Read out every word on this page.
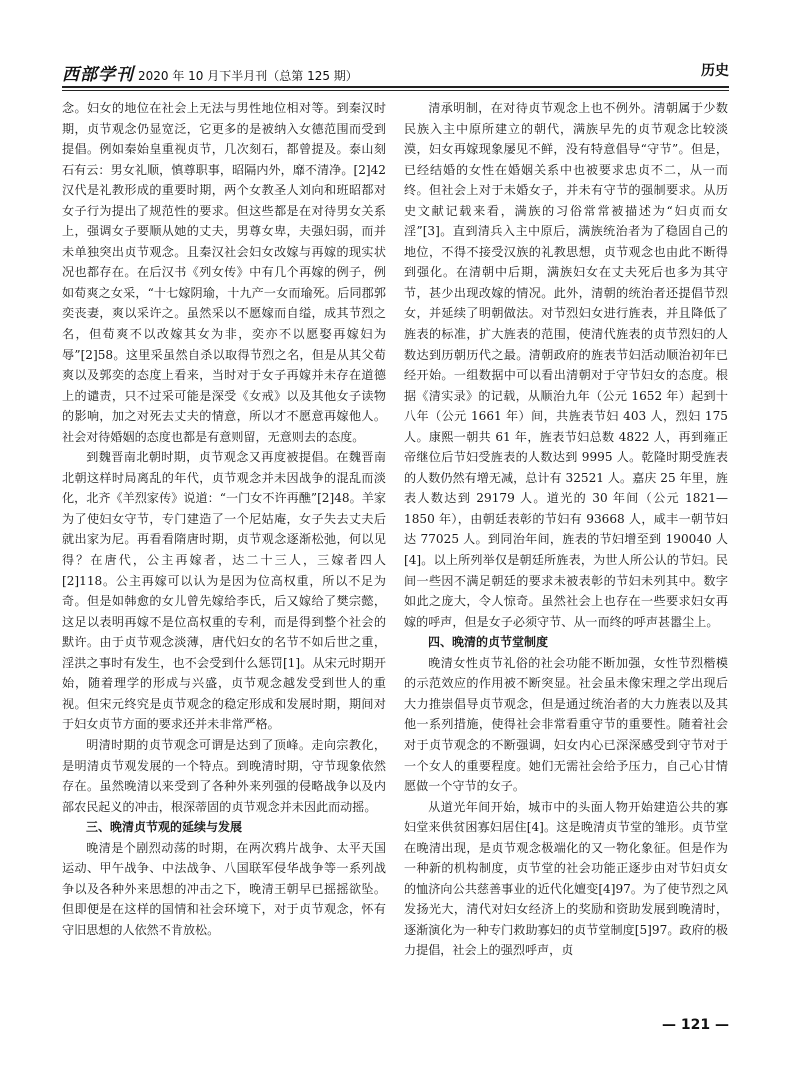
西部学刊 2020 年 10 月下半月刊（总第 125 期）	历史

念。妇女的地位在社会上无法与男性地位相对等。到秦汉时期，贞节观念仍显宽泛，它更多的是被纳入女德范围而受到提倡。例如秦始皇重视贞节，几次刻石，都曾提及。泰山刻石有云：男女礼顺，慎尊职事，昭隔内外，靡不清净。[2]42 汉代是礼教形成的重要时期，两个女教圣人刘向和班昭都对女子行为提出了规范性的要求。但这些都是在对待男女关系上，强调女子要顺从她的丈夫，男尊女卑，夫强妇弱，而并未单独突出贞节观念。且秦汉社会妇女改嫁与再嫁的现实状况也都存在。在后汉书《列女传》中有几个再嫁的例子，例如荀爽之女采，“十七嫁阴瑜，十九产一女而瑜死。后同郡郭奕丧妻，爽以采许之。虽然采以不愿嫁而自缢，成其节烈之名，但荀爽不以改嫁其女为非，奕亦不以愿娶再嫁妇为辱”[2]58。这里采虽然自杀以取得节烈之名，但是从其父荀爽以及郭奕的态度上看来，当时对于女子再嫁并未存在道德上的谴责，只不过采可能是深受《女戒》以及其他女子读物的影响，加之对死去丈夫的情意，所以才不愿意再嫁他人。社会对待婚姻的态度也都是有意则留，无意则去的态度。

到魏晋南北朝时期，贞节观念又再度被提倡。在魏晋南北朝这样时局离乱的年代，贞节观念并未因战争的混乱而淡化，北齐《羊烈家传》说道：“一门女不许再醮”[2]48。羊家为了使妇女守节，专门建造了一个尼姑庵，女子失去丈夫后就出家为尼。再看看隋唐时期，贞节观念逐渐松弛，何以见得？在唐代，公主再嫁者，达二十三人，三嫁者四人[2]118。公主再嫁可以认为是因为位高权重，所以不足为奇。但是如韩愈的女儿曾先嫁给李氏，后又嫁给了樊宗懿，这足以表明再嫁不是位高权重的专利，而是得到整个社会的默许。由于贞节观念淡薄，唐代妇女的名节不如后世之重，淫洪之事时有发生，也不会受到什么惩罚[1]。从宋元时期开始，随着理学的形成与兴盛，贞节观念越发受到世人的重视。但宋元终究是贞节观念的稳定形成和发展时期，期间对于妇女贞节方面的要求还并未非常严格。

明清时期的贞节观念可谓是达到了顶峰。走向宗教化，是明清贞节观发展的一个特点。到晚清时期，守节现象依然存在。虽然晚清以来受到了各种外来列强的侵略战争以及内部农民起义的冲击，根深蒂固的贞节观念并未因此而动摇。

三、晚清贞节观的延续与发展

晚清是个剧烈动荡的时期，在两次鸦片战争、太平天国运动、甲午战争、中法战争、八国联军侵华战争等一系列战争以及各种外来思想的冲击之下，晚清王朝早已摇摇欲坠。但即便是在这样的国情和社会环境下，对于贞节观念，怀有守旧思想的人依然不肯放松。

清承明制，在对待贞节观念上也不例外。清朝属于少数民族入主中原所建立的朝代，满族早先的贞节观念比较淡漠，妇女再嫁现象屡见不鲜，没有特意倡导“守节”。但是，已经结婚的女性在婚姻关系中也被要求忠贞不二，从一而终。但社会上对于未婚女子，并未有守节的强制要求。从历史文献记载来看，满族的习俗常常被描述为“妇贞而女淫”[3]。直到清兵入主中原后，满族统治者为了稳固自己的地位，不得不接受汉族的礼教思想，贞节观念也由此不断得到强化。在清朝中后期，满族妇女在丈夫死后也多为其守节，甚少出现改嫁的情况。此外，清朝的统治者还提倡节烈女，并延续了明朝做法。对节烈妇女进行旌表，并且降低了旌表的标准，扩大旌表的范围，使清代旌表的贞节烈妇的人数达到历朝历代之最。清朝政府的旌表节妇活动顺治初年已经开始。一组数据中可以看出清朝对于守节妇女的态度。根据《清实录》的记载，从顺治九年（公元 1652 年）起到十八年（公元 1661 年）间，共旌表节妇 403 人，烈妇 175 人。康熙一朝共 61 年，旌表节妇总数 4822 人，再到雍正帝继位后节妇受旌表的人数达到 9995 人。乾隆时期受旌表的人数仍然有增无减，总计有 32521 人。嘉庆 25 年里，旌表人数达到 29179 人。道光的 30 年间（公元 1821—1850 年），由朝廷表彰的节妇有 93668 人，咸丰一朝节妇达 77025 人。到同治年间，旌表的节妇增至到 190040 人[4]。以上所列举仅是朝廷所旌表，为世人所公认的节妇。民间一些因不满足朝廷的要求未被表彰的节妇未列其中。数字如此之庞大，令人惊奇。虽然社会上也存在一些要求妇女再嫁的呼声，但是女子必须守节、从一而终的呼声甚嚣尘上。

四、晚清的贞节堂制度

晚清女性贞节礼俗的社会功能不断加强，女性节烈楷模的示范效应的作用被不断突显。社会虽未像宋理之学出现后大力推崇倡导贞节观念，但是通过统治者的大力旌表以及其他一系列措施，使得社会非常看重守节的重要性。随着社会对于贞节观念的不断强调，妇女内心已深深感受到守节对于一个女人的重要程度。她们无需社会给予压力，自己心甘情愿做一个守节的女子。

从道光年间开始，城市中的头面人物开始建造公共的寡妇堂来供贫困寡妇居住[4]。这是晚清贞节堂的雏形。贞节堂在晚清出现，是贞节观念极端化的又一物化象征。但是作为一种新的机构制度，贞节堂的社会功能正逐步由对节妇贞女的恤济向公共慈善事业的近代化嬗变[4]97。为了使节烈之风发扬光大，清代对妇女经济上的奖励和资助发展到晚清时，逐渐演化为一种专门救助寡妇的贞节堂制度[5]97。政府的极力提倡，社会上的强烈呼声，贞

— 121 —
